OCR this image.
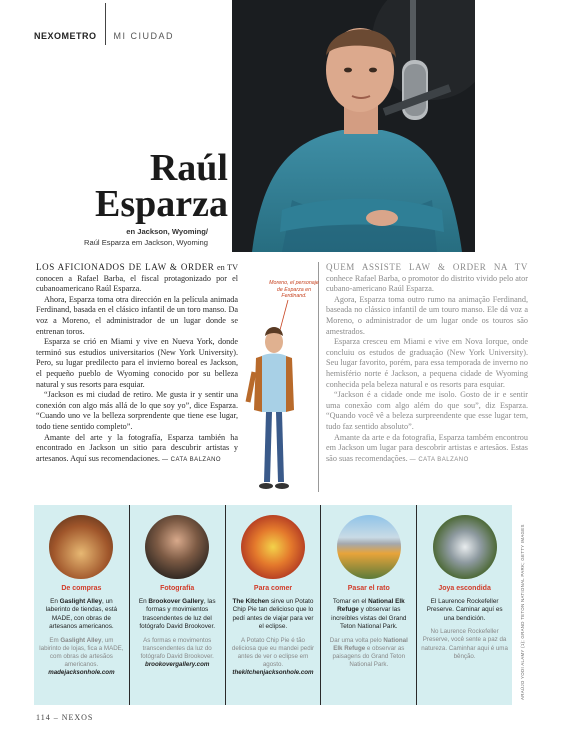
NEXOMETRO MI CIUDAD
Raúl
Esparza
en Jackson, Wyoming/
Raúl Esparza em Jackson, Wyoming

LOS AFICIONADOS DE LAW & ORDER en TV conocen a Rafael Barba, el fiscal protagonizado por el cubanoamericano Raúl Esparza.

Ahora, Esparza toma otra dirección en la película animada Ferdinand, basada en el clásico infantil de un toro manso. Da voz a Moreno, el administrador de un lugar donde se entrenan toros.

Esparza se crió en Miami y vive en Nueva York, donde terminó sus estudios universitarios (New York University). Pero, su lugar predilecto para el invierno boreal es Jackson, el pequeño pueblo de Wyoming conocido por su belleza natural y sus resorts para esquiar.

“Jackson es mi ciudad de retiro. Me gusta ir y sentir una conexión con algo más allá de lo que soy yo”, dice Esparza. “Cuando uno ve la belleza sorprendente que tiene ese lugar, todo tiene sentido completo”.

Amante del arte y la fotografía, Esparza también ha encontrado en Jackson un sitio para descubrir artistas y artesanos. Aquí sus recomendaciones. — CATA BALZANO

Moreno, el personaje de Esparza en Ferdinand.

QUEM ASSISTE LAW & ORDER NA TV conhece Rafael Barba, o promotor do distrito vivido pelo ator cubano-americano Raúl Esparza.

Agora, Esparza toma outro rumo na animação Ferdinand, baseada no clássico infantil de um touro manso. Ele dá voz a Moreno, o administrador de um lugar onde os touros são amestrados.

Esparza cresceu em Miami e vive em Nova Iorque, onde concluiu os estudos de graduação (New York University). Seu lugar favorito, porém, para essa temporada de inverno no hemisfério norte é Jackson, a pequena cidade de Wyoming conhecida pela beleza natural e os resorts para esquiar.

“Jackson é a cidade onde me isolo. Gosto de ir e sentir uma conexão com algo além do que sou”, diz Esparza. “Quando você vê a beleza surpreendente que esse lugar tem, tudo faz sentido absoluto”.

Amante da arte e da fotografia, Esparza também encontrou em Jackson um lugar para descobrir artistas e artesãos. Estas são suas recomendações. — CATA BALZANO

De compras
En Gaslight Alley, un laberinto de tiendas, está MADE, con obras de artesanos americanos.
Em Gaslight Alley, um labirinto de lojas, fica a MADE, com obras de artesãos americanos.
madejacksonhole.com
Fotografía
En Brookover Gallery, las formas y movimientos trascendentes de luz del fotógrafo David Brookover.
As formas e movimentos transcendentes da luz do fotógrafo David Brookover.
brookovergallery.com
Para comer
The Kitchen sirve un Potato Chip Pie tan delicioso que lo pedí antes de viajar para ver el eclipse.
A Potato Chip Pie é tão deliciosa que eu mandei pedir antes de ver o eclipse em agosto.
thekitchenjacksonhole.com
Pasar el rato
Tomar en el National Elk Refuge y observar las increíbles vistas del Grand Teton National Park.
Dar uma volta pelo National Elk Refuge e observar as paisagens do Grand Teton National Park.
Joya escondida
El Laurence Rockefeller Preserve. Caminar aquí es una bendición.
No Laurence Rockefeller Preserve, você sente a paz da natureza. Caminhar aqui é uma bênção.	ARAÚJO YODI ALAMY (1); GRAND TETON NATIONAL PARK; GETTY IMAGES
114 – NEXOS
